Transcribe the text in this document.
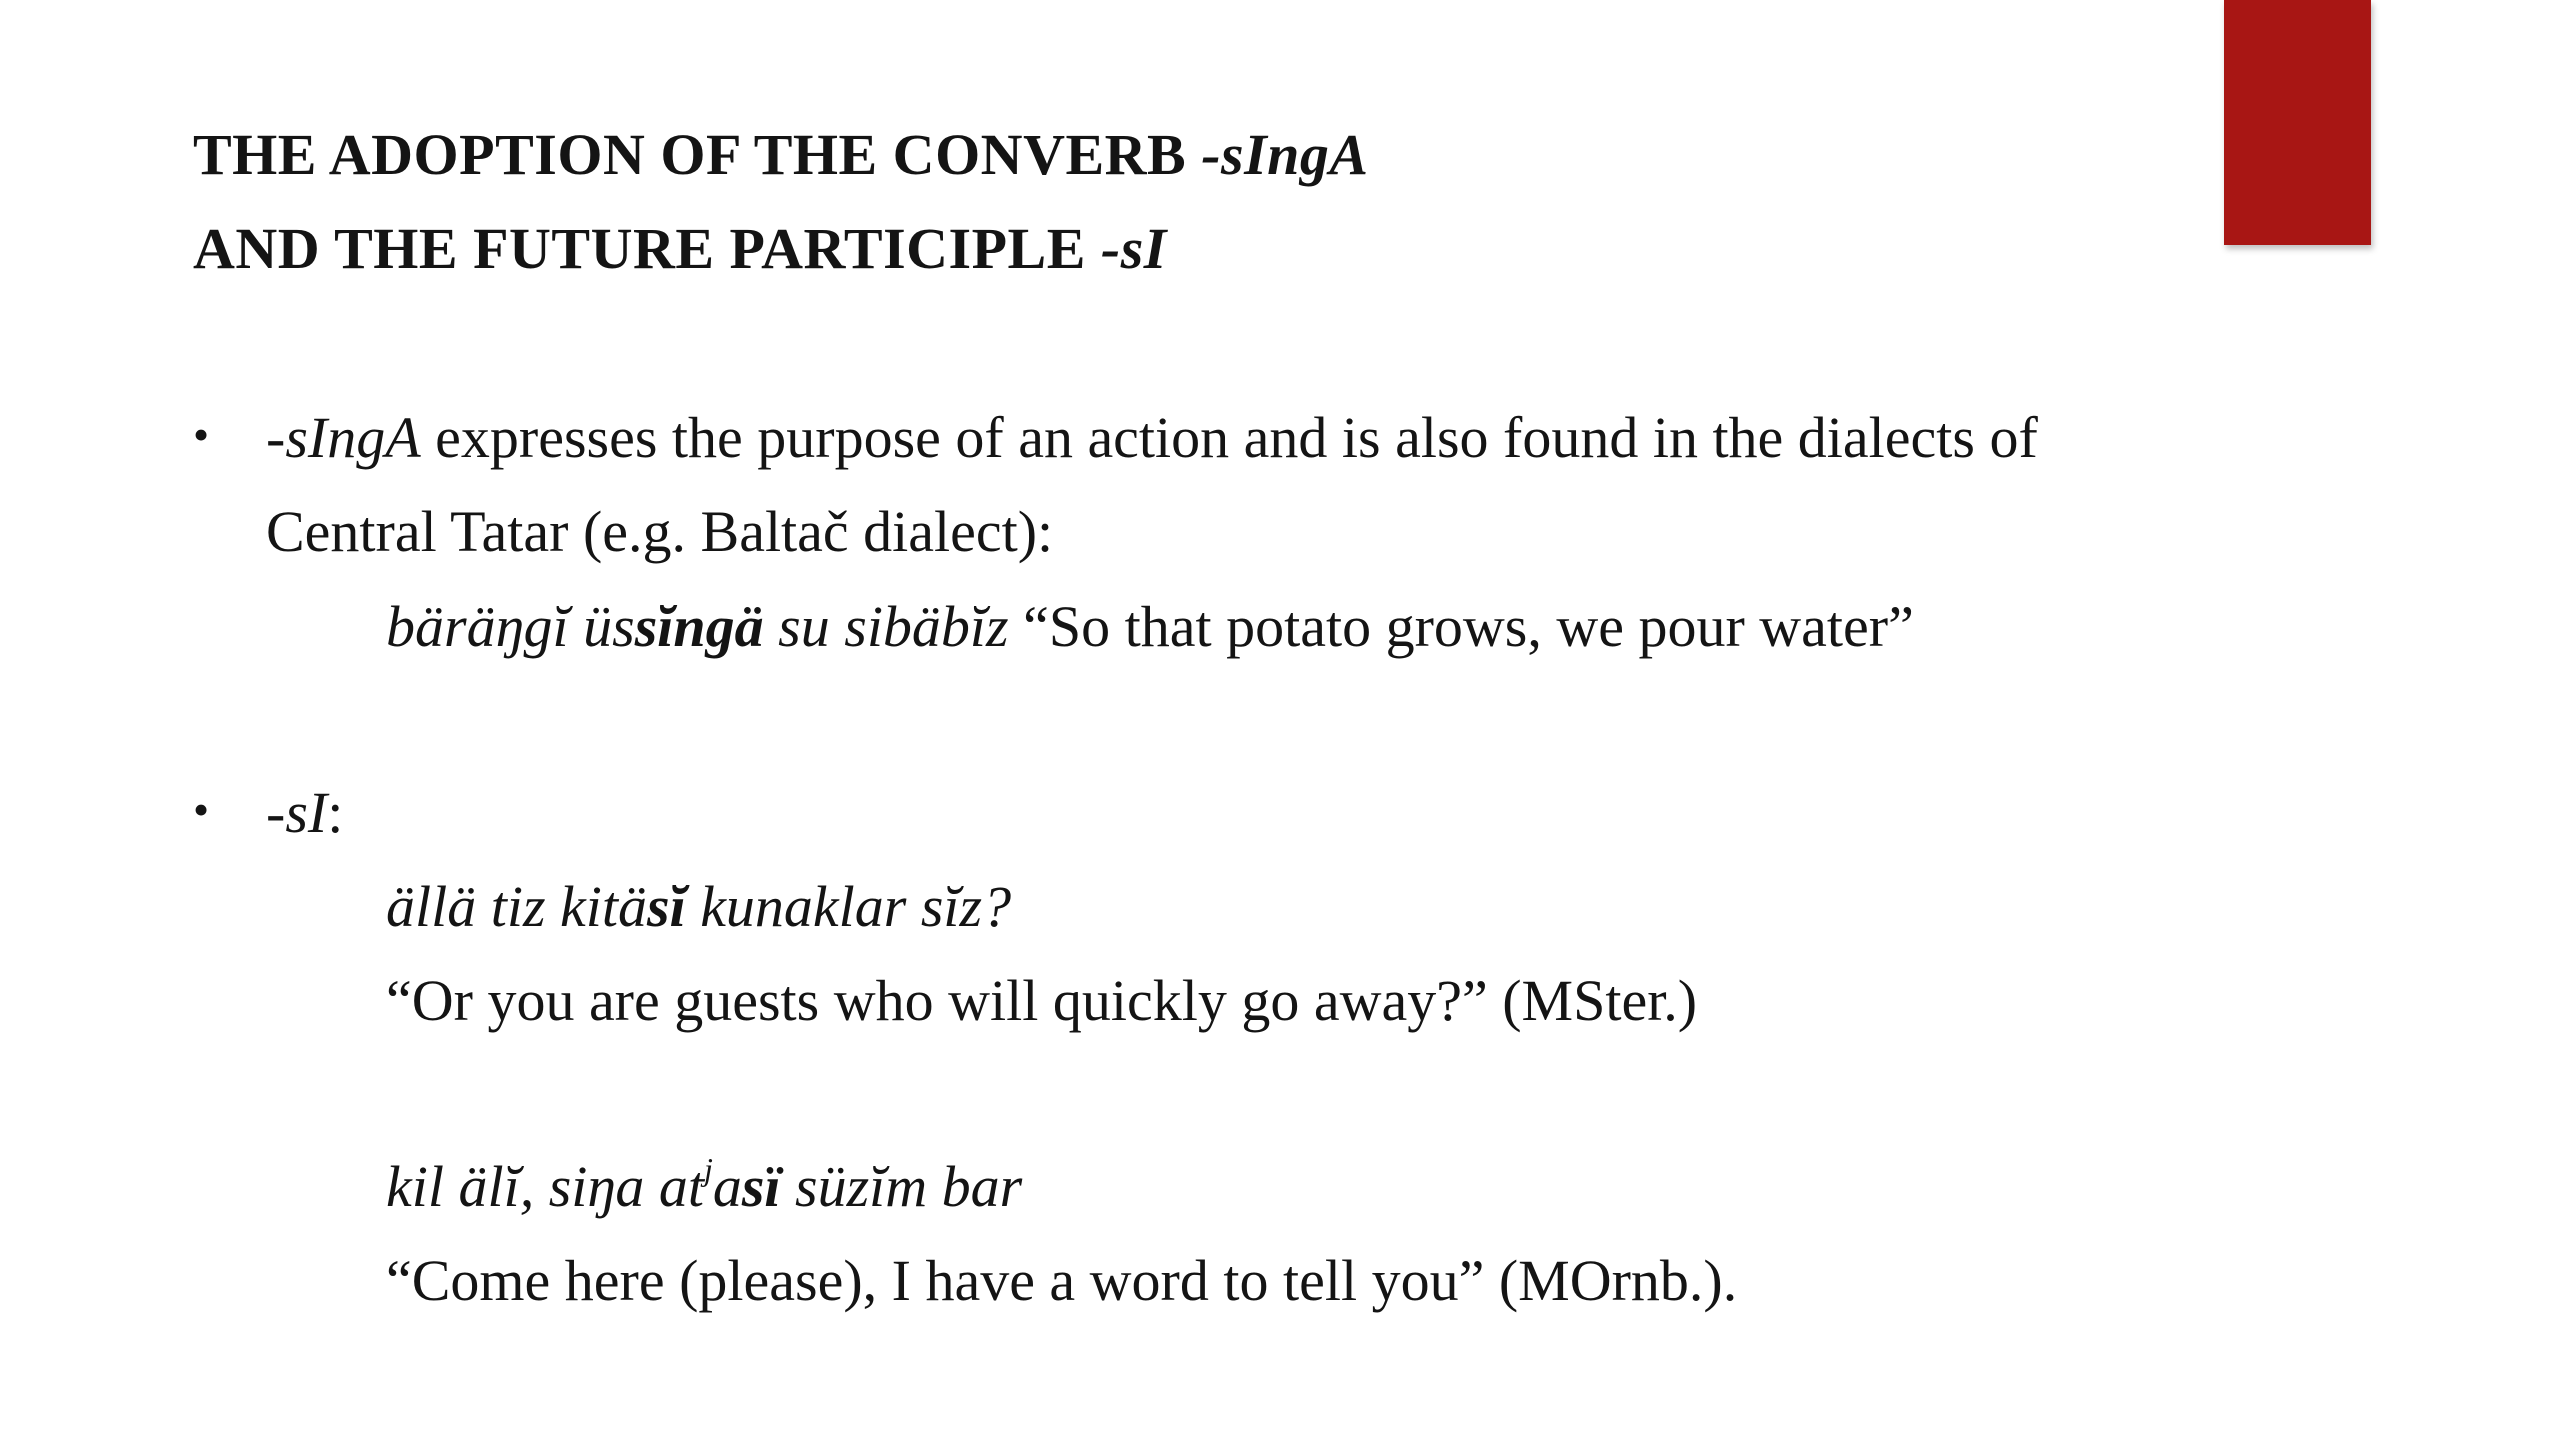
THE ADOPTION OF THE CONVERB -sIngA
AND THE FUTURE PARTICIPLE -sI
• -sIngA expresses the purpose of an action and is also found in the dialects of
Central Tatar (e.g. Baltač dialect):
bäräŋgĭ üssĭngä su sibäbĭz “So that potato grows, we pour water”
• -sI:
ällä tiz kitäsĭ kunaklar sĭz?
“Or you are guests who will quickly go away?” (MSter.)
kil älĭ, siŋa $at^jasï$ süzĭm bar
“Come here (please), I have a word to tell you” (MOrnb.).
